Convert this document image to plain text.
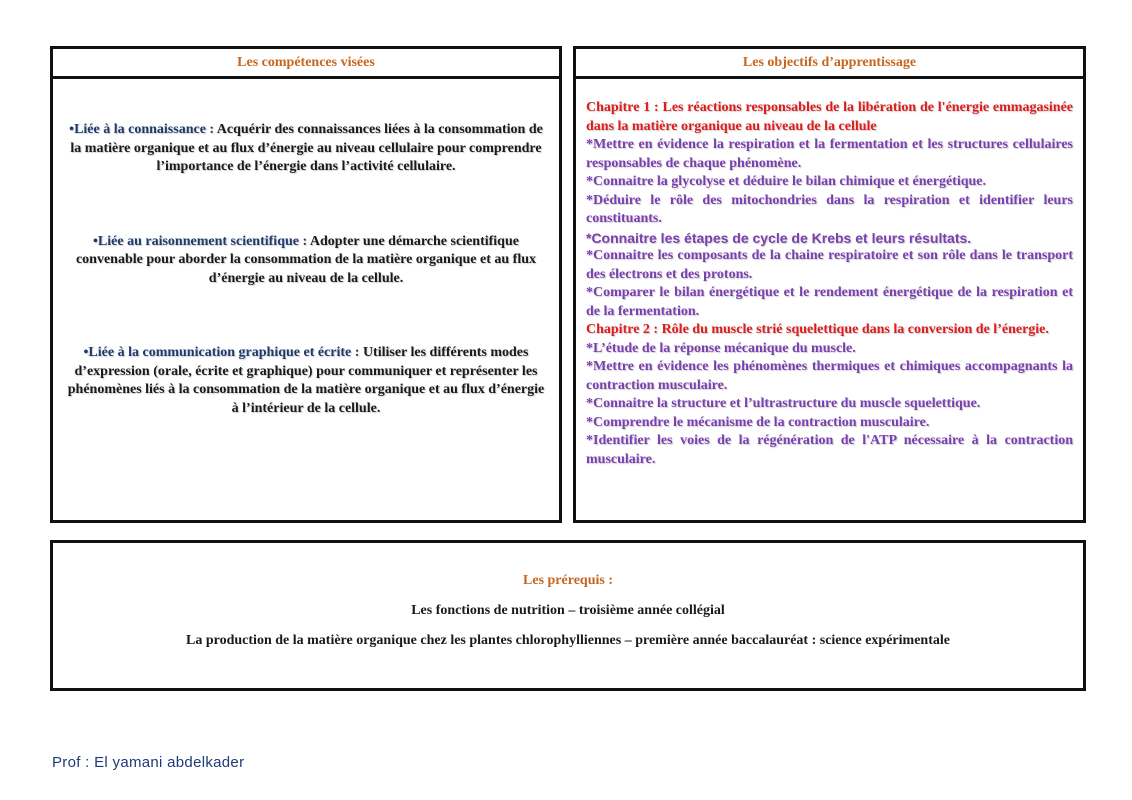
Les compétences visées

•Liée à la connaissance : Acquérir des connaissances liées à la consommation de la matière organique et au flux d’énergie au niveau cellulaire pour comprendre l’importance de l’énergie dans l’activité cellulaire.

•Liée au raisonnement scientifique : Adopter une démarche scientifique convenable pour aborder la consommation de la matière organique et au flux d’énergie au niveau de la cellule.

•Liée à la communication graphique et écrite : Utiliser les différents modes d’expression (orale, écrite et graphique) pour communiquer et représenter les phénomènes liés à la consommation de la matière organique et au flux d’énergie à l’intérieur de la cellule.

Les objectifs d’apprentissage

Chapitre 1 : Les réactions responsables de la libération de l'énergie emmagasinée dans la matière organique au niveau de la cellule

*Mettre en évidence la respiration et la fermentation et les structures cellulaires responsables de chaque phénomène.

*Connaitre la glycolyse et déduire le bilan chimique et énergétique.

*Déduire le rôle des mitochondries dans la respiration et identifier leurs constituants.

*Connaitre les étapes de cycle de Krebs et leurs résultats.

*Connaitre les composants de la chaine respiratoire et son rôle dans le transport des électrons et des protons.

*Comparer le bilan énergétique et le rendement énergétique de la respiration et de la fermentation.

Chapitre 2 : Rôle du muscle strié squelettique dans la conversion de l’énergie.

*L’étude de la réponse mécanique du muscle.

*Mettre en évidence les phénomènes thermiques et chimiques accompagnants la contraction musculaire.

*Connaitre la structure et l’ultrastructure du muscle squelettique.

*Comprendre le mécanisme de la contraction musculaire.

*Identifier les voies de la régénération de l'ATP nécessaire à la contraction musculaire.

Les prérequis :
Les fonctions de nutrition – troisième année collégial
La production de la matière organique chez les plantes chlorophylliennes – première année baccalauréat : science expérimentale
Prof : El yamani abdelkader
